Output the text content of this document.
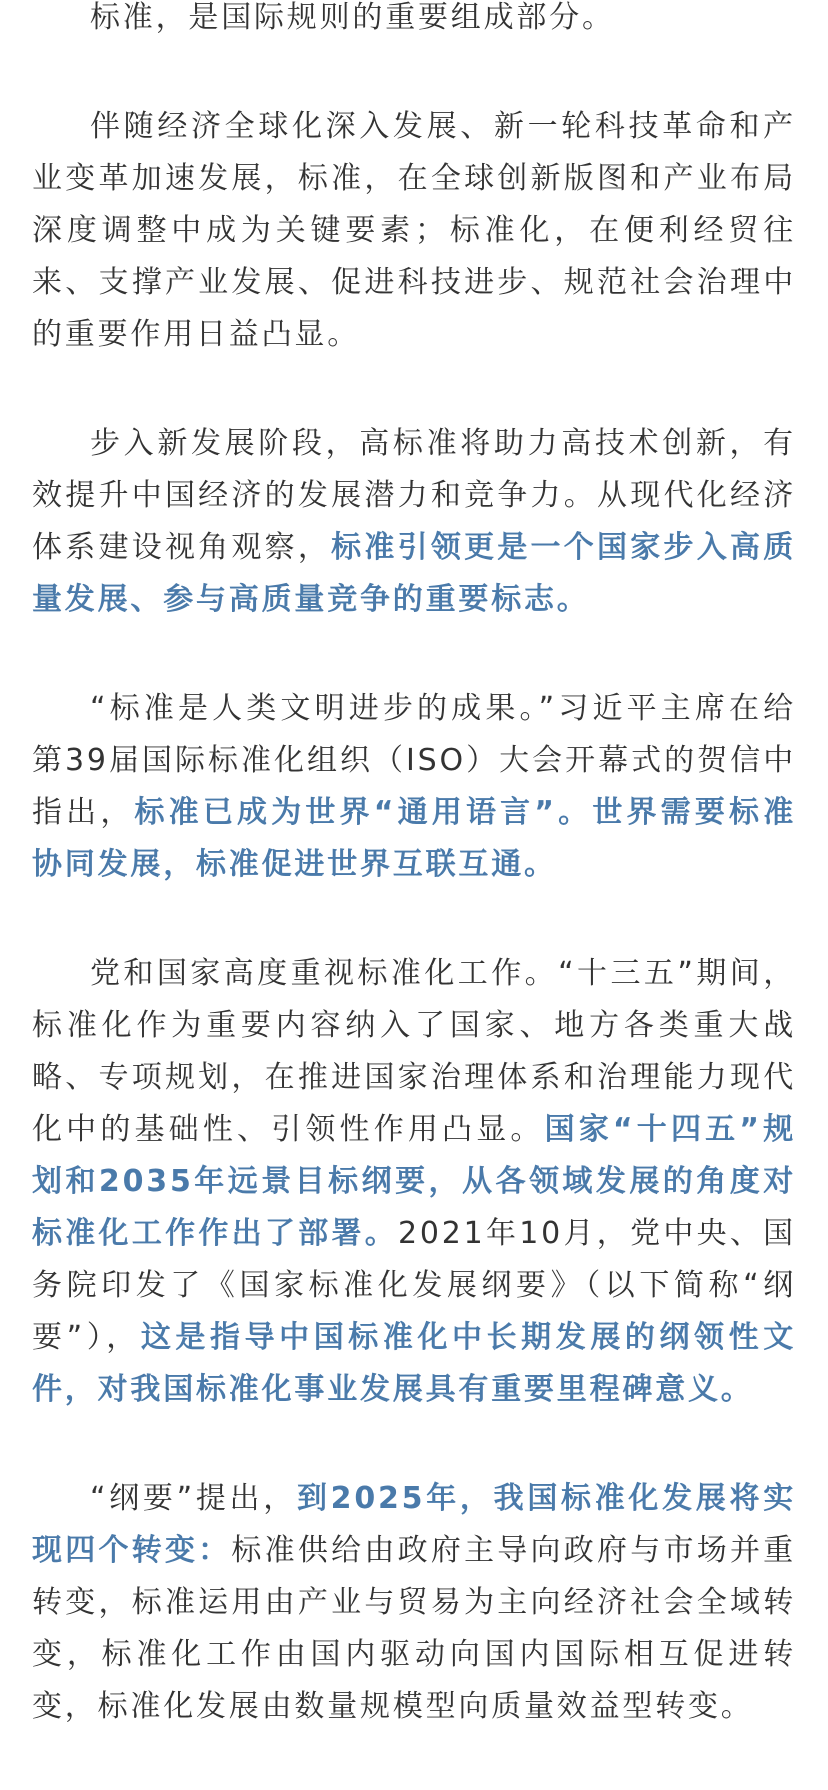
标准，是国际规则的重要组成部分。

伴随经济全球化深入发展、新一轮科技革命和产业变革加速发展，标准，在全球创新版图和产业布局深度调整中成为关键要素；标准化，在便利经贸往来、支撑产业发展、促进科技进步、规范社会治理中的重要作用日益凸显。

步入新发展阶段，高标准将助力高技术创新，有效提升中国经济的发展潜力和竞争力。从现代化经济体系建设视角观察，标准引领更是一个国家步入高质量发展、参与高质量竞争的重要标志。

“标准是人类文明进步的成果。”习近平主席在给第39届国际标准化组织（ISO）大会开幕式的贺信中指出，标准已成为世界“通用语言”。世界需要标准协同发展，标准促进世界互联互通。

党和国家高度重视标准化工作。“十三五”期间，标准化作为重要内容纳入了国家、地方各类重大战略、专项规划，在推进国家治理体系和治理能力现代化中的基础性、引领性作用凸显。国家“十四五”规划和2035年远景目标纲要，从各领域发展的角度对标准化工作作出了部署。2021年10月，党中央、国务院印发了《国家标准化发展纲要》（以下简称“纲要”），这是指导中国标准化中长期发展的纲领性文件，对我国标准化事业发展具有重要里程碑意义。

“纲要”提出，到2025年，我国标准化发展将实现四个转变：标准供给由政府主导向政府与市场并重转变，标准运用由产业与贸易为主向经济社会全域转变，标准化工作由国内驱动向国内国际相互促进转变，标准化发展由数量规模型向质量效益型转变。
